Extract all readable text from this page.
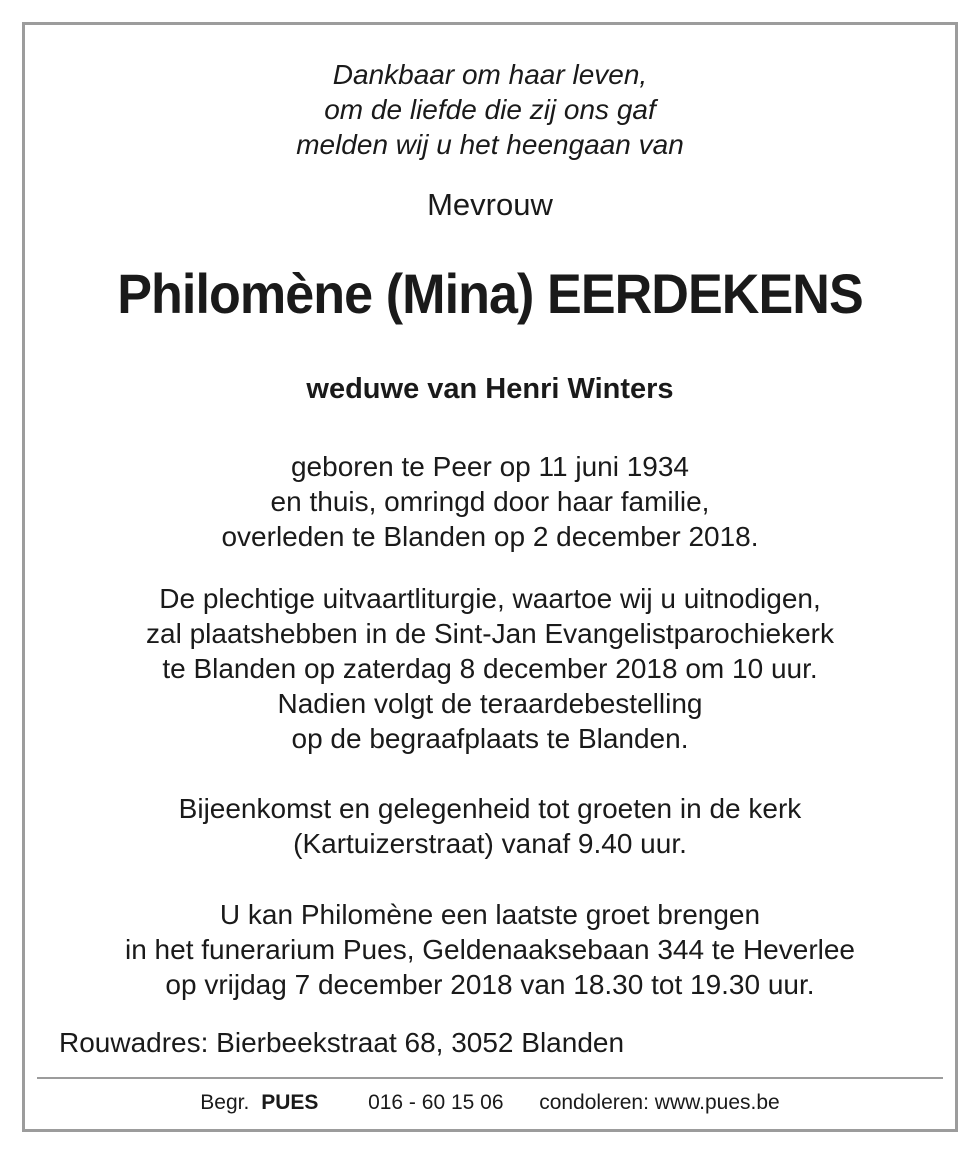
Dankbaar om haar leven,
om de liefde die zij ons gaf
melden wij u het heengaan van
Mevrouw
Philomène (Mina) EERDEKENS
weduwe van Henri Winters
geboren te Peer op 11 juni 1934
en thuis, omringd door haar familie,
overleden te Blanden op 2 december 2018.
De plechtige uitvaartliturgie, waartoe wij u uitnodigen,
zal plaatshebben in de Sint-Jan Evangelistparochiekerk
te Blanden op zaterdag 8 december 2018 om 10 uur.
Nadien volgt de teraardebestelling
op de begraafplaats te Blanden.
Bijeenkomst en gelegenheid tot groeten in de kerk
(Kartuizerstraat) vanaf 9.40 uur.
U kan Philomène een laatste groet brengen
in het funerarium Pues, Geldenaaksebaan 344 te Heverlee
op vrijdag 7 december 2018 van 18.30 tot 19.30 uur.
Rouwadres: Bierbeekstraat 68, 3052 Blanden
Begr. PUES 016 - 60 15 06 condoleren: www.pues.be
